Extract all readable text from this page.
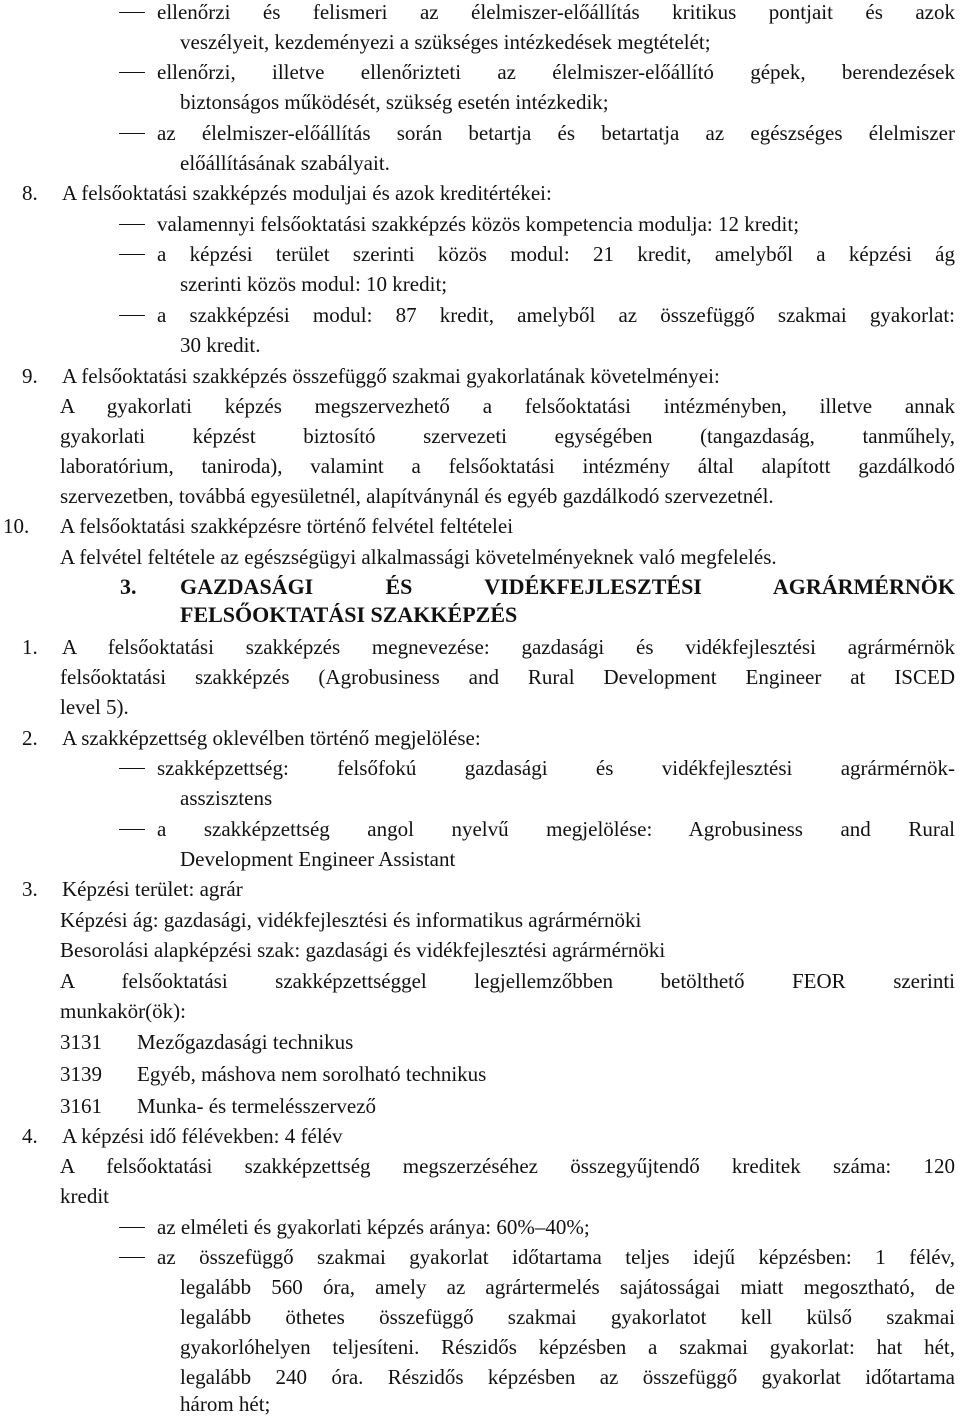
ellenőrzi és felismeri az élelmiszer-előállítás kritikus pontjait és azok
veszélyeit, kezdeményezi a szükséges intézkedések megtételét;
ellenőrzi, illetve ellenőrizteti az élelmiszer-előállító gépek, berendezések
biztonságos működését, szükség esetén intézkedik;
az élelmiszer-előállítás során betartja és betartatja az egészséges élelmiszer
előállításának szabályait.
8. A felsőoktatási szakképzés moduljai és azok kreditértékei:
valamennyi felsőoktatási szakképzés közös kompetencia modulja: 12 kredit;
a képzési terület szerinti közös modul: 21 kredit, amelyből a képzési ág
szerinti közös modul: 10 kredit;
a szakképzési modul: 87 kredit, amelyből az összefüggő szakmai gyakorlat:
30 kredit.
9. A felsőoktatási szakképzés összefüggő szakmai gyakorlatának követelményei:
A gyakorlati képzés megszervezhető a felsőoktatási intézményben, illetve annak
gyakorlati képzést biztosító szervezeti egységében (tangazdaság, tanműhely,
laboratórium, taniroda), valamint a felsőoktatási intézmény által alapított gazdálkodó
szervezetben, továbbá egyesületnél, alapítványnál és egyéb gazdálkodó szervezetnél.
10. A felsőoktatási szakképzésre történő felvétel feltételei
A felvétel feltétele az egészségügyi alkalmassági követelményeknek való megfelelés.
3. GAZDASÁGI ÉS VIDÉKFEJLESZTÉSI AGRÁRMÉRNÖK
FELSŐOKTATÁSI SZAKKÉPZÉS
1. A felsőoktatási szakképzés megnevezése: gazdasági és vidékfejlesztési agrármérnök
felsőoktatási szakképzés (Agrobusiness and Rural Development Engineer at ISCED
level 5).
2. A szakképzettség oklevélben történő megjelölése:
szakképzettség: felsőfokú gazdasági és vidékfejlesztési agrármérnök-
asszisztens
a szakképzettség angol nyelvű megjelölése: Agrobusiness and Rural
Development Engineer Assistant
3. Képzési terület: agrár
Képzési ág: gazdasági, vidékfejlesztési és informatikus agrármérnöki
Besorolási alapképzési szak: gazdasági és vidékfejlesztési agrármérnöki
A felsőoktatási szakképzettséggel legjellemzőbben betölthető FEOR szerinti
munkakör(ök):
3131 Mezőgazdasági technikus
3139 Egyéb, máshova nem sorolható technikus
3161 Munka- és termelésszervező
4. A képzési idő félévekben: 4 félév
A felsőoktatási szakképzettség megszerzéséhez összegyűjtendő kreditek száma: 120
kredit
az elméleti és gyakorlati képzés aránya: 60%–40%;
az összefüggő szakmai gyakorlat időtartama teljes idejű képzésben: 1 félév,
legalább 560 óra, amely az agrártermelés sajátosságai miatt megosztható, de
legalább öthetes összefüggő szakmai gyakorlatot kell külső szakmai
gyakorlóhelyen teljesíteni. Részidős képzésben a szakmai gyakorlat: hat hét,
legalább 240 óra. Részidős képzésben az összefüggő gyakorlat időtartama
három hét;
